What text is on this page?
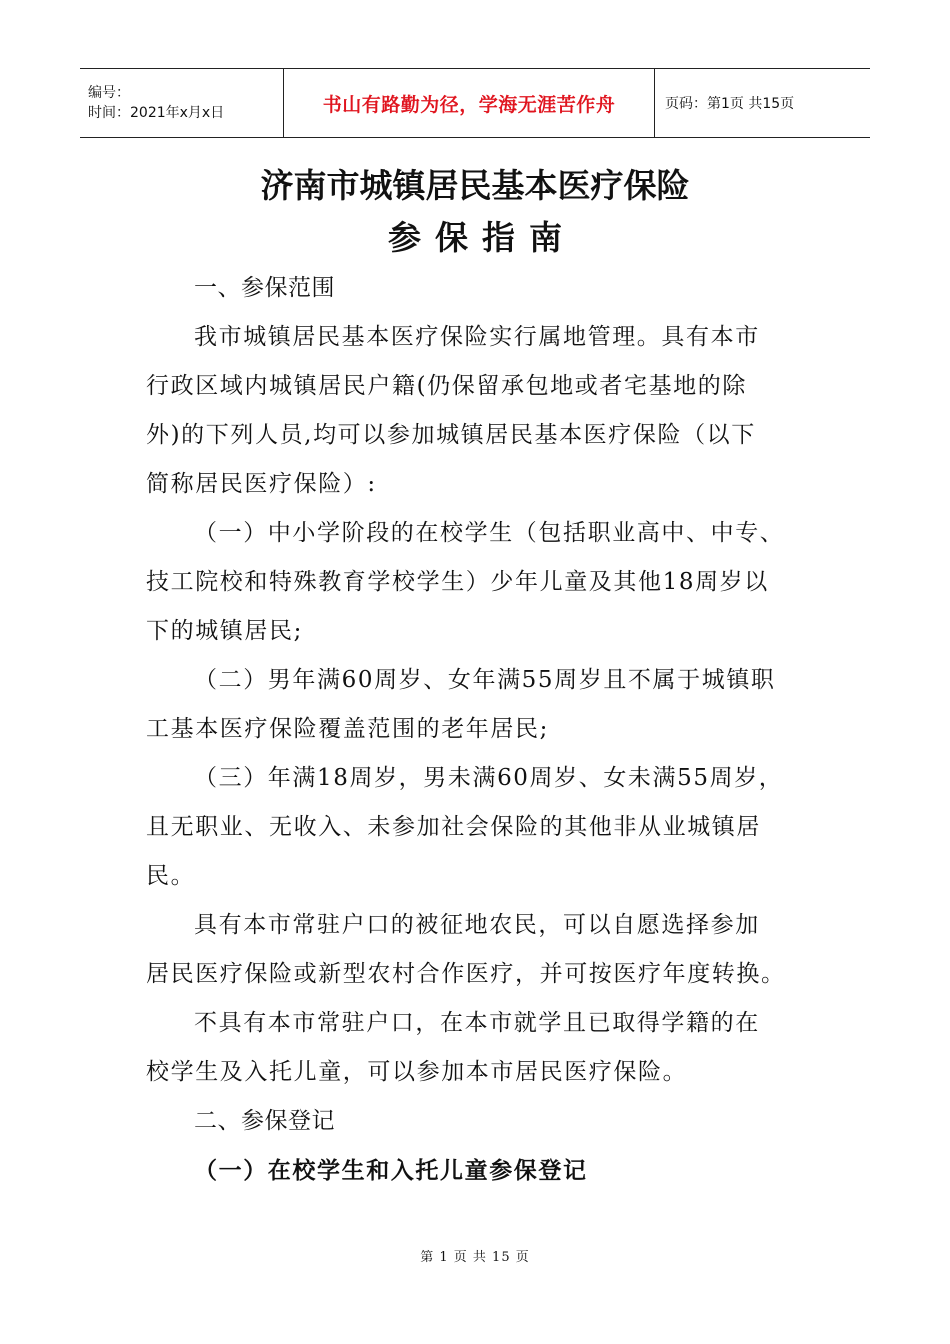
编号：
时间：2021年x月x日	书山有路勤为径，学海无涯苦作舟	页码：第1页 共15页
济南市城镇居民基本医疗保险
参保指南
一、参保范围
我市城镇居民基本医疗保险实行属地管理。具有本市
行政区域内城镇居民户籍(仍保留承包地或者宅基地的除
外)的下列人员,均可以参加城镇居民基本医疗保险（以下
简称居民医疗保险）:
（一）中小学阶段的在校学生（包括职业高中、中专、
技工院校和特殊教育学校学生）少年儿童及其他18周岁以
下的城镇居民;
（二）男年满60周岁、女年满55周岁且不属于城镇职
工基本医疗保险覆盖范围的老年居民;
（三）年满18周岁，男未满60周岁、女未满55周岁，
且无职业、无收入、未参加社会保险的其他非从业城镇居
民。
具有本市常驻户口的被征地农民，可以自愿选择参加
居民医疗保险或新型农村合作医疗，并可按医疗年度转换。
不具有本市常驻户口，在本市就学且已取得学籍的在
校学生及入托儿童，可以参加本市居民医疗保险。
二、参保登记
（一）在校学生和入托儿童参保登记
第 1 页 共 15 页
